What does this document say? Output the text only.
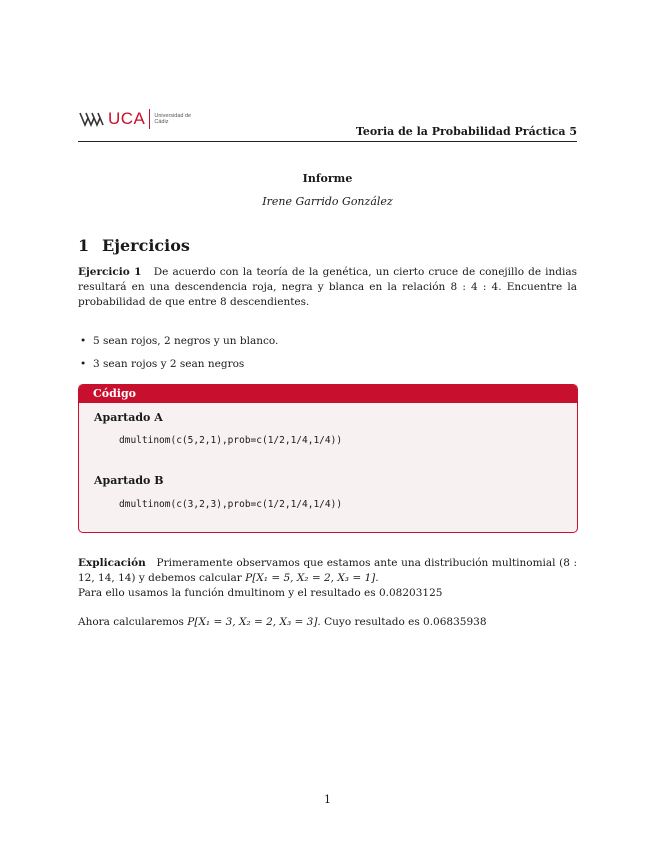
UCA Universidad de Cádiz
Teoria de la Probabilidad Práctica 5
Informe
Irene Garrido González
1 Ejercicios
Ejercicio 1 De acuerdo con la teoría de la genética, un cierto cruce de conejillo de indias resultará en una descendencia roja, negra y blanca en la relación 8 : 4 : 4. Encuentre la probabilidad de que entre 8 descendientes.
• 5 sean rojos, 2 negros y un blanco.
• 3 sean rojos y 2 sean negros
Código
Apartado A
dmultinom(c(5,2,1),prob=c(1/2,1/4,1/4))
Apartado B
dmultinom(c(3,2,3),prob=c(1/2,1/4,1/4))
Explicación Primeramente observamos que estamos ante una distribución multinomial (8 : 12, 14, 14) y debemos calcular P[X₁ = 5, X₂ = 2, X₃ = 1].
Para ello usamos la función dmultinom y el resultado es 0.08203125
Ahora calcularemos P[X₁ = 3, X₂ = 2, X₃ = 3]. Cuyo resultado es 0.06835938
1
